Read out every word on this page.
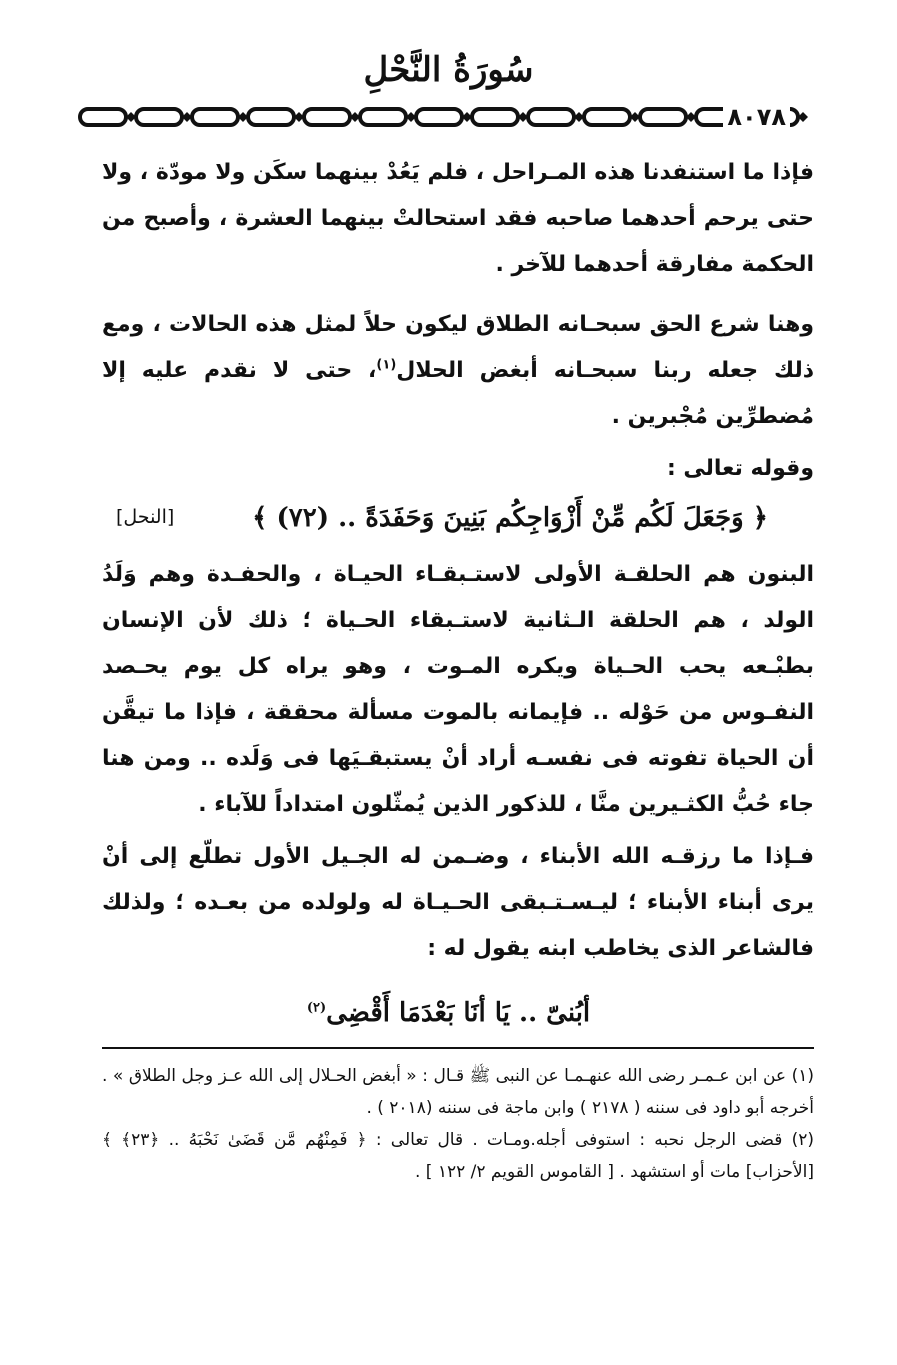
سُورَةُ النَّحْلِ
٨٠٧٨
فإذا ما استنفدنا هذه المـراحل ، فلم يَعُدْ بينهما سكَن ولا مودّة ، ولا حتى يرحم أحدهما صاحبه فقد استحالتْ بينهما العشرة ، وأصبح من الحكمة مفارقة أحدهما للآخر .
وهنا شرع الحق سبحـانه الطلاق ليكون حلاً لمثل هذه الحالات ، ومع ذلك جعله ربنا سبحـانه أبغض الحلال$^{(١)}$، حتى لا نقدم عليه إلا مُضطرِّين مُجْبرين .
وقوله تعالى :
﴿ وَجَعَلَ لَكُم مِّنْ أَزْوَاجِكُم بَنِينَ وَحَفَدَةً .. (٧٢) ﴾
[النحل]
البنون هم الحلقـة الأولى لاستـبقـاء الحيـاة ، والحفـدة وهم وَلَدُ الولد ، هم الحلقة الـثانية لاستـبقاء الحـياة ؛ ذلك لأن الإنسان بطبْـعه يحب الحـياة ويكره المـوت ، وهو يراه كل يوم يحـصد النفـوس من حَوْله .. فإيمانه بالموت مسألة محققة ، فإذا ما تيقَّن أن الحياة تفوته فى نفسـه أراد أنْ يستبقـيَها فى وَلَده .. ومن هنا جاء حُبُّ الكثـيرين منَّا ، للذكور الذين يُمثّلون امتداداً للآباء .
فـإذا ما رزقـه الله الأبناء ، وضـمن له الجـيل الأول تطلّع إلى أنْ يرى أبناء الأبناء ؛ ليـسـتـبقى الحـيـاة له ولولده من بعـده ؛ ولذلك فالشاعر الذى يخاطب ابنه يقول له :
أبُنىّ .. يَا أنَا بَعْدَمَا أَقْضِى$^{(٢)}$

(١) عن ابن عـمـر رضى الله عنهـمـا عن النبى ﷺ قـال : « أبغض الحـلال إلى الله عـز وجل الطلاق » . أخرجه أبو داود فى سننه ( ٢١٧٨ ) وابن ماجة فى سننه (٢٠١٨ ) .

(٢) قضى الرجل نحبه : استوفى أجله.ومـات . قال تعالى : ﴿ فَمِنْهُم مَّن قَضَىٰ نَحْبَهُ .. ﴿٢٣﴾ ﴾ [الأحزاب] مات أو استشهد . [ القاموس القويم ٢/ ١٢٢ ] .
